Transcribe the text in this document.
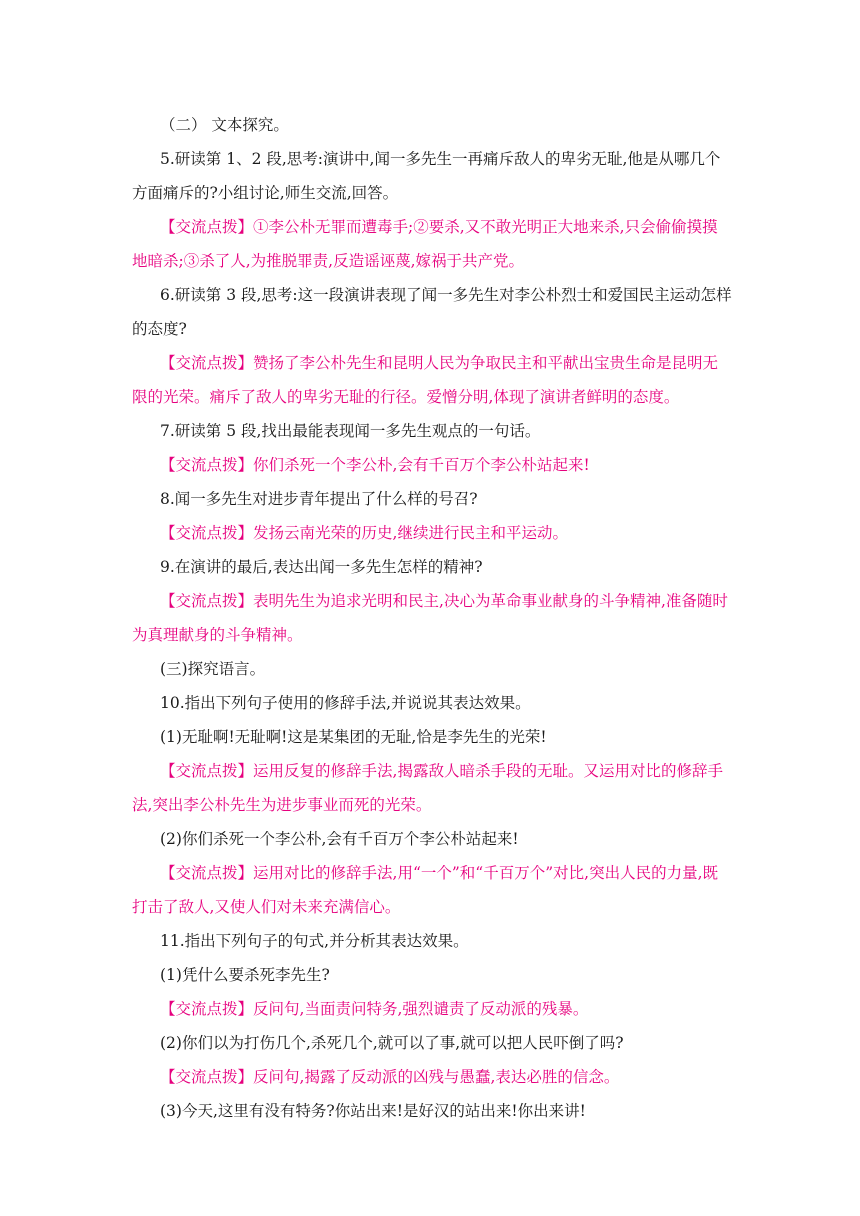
（二） 文本探究。

5.研读第 1、2 段,思考:演讲中,闻一多先生一再痛斥敌人的卑劣无耻,他是从哪几个方面痛斥的?小组讨论,师生交流,回答。

【交流点拨】①李公朴无罪而遭毒手;②要杀,又不敢光明正大地来杀,只会偷偷摸摸地暗杀;③杀了人,为推脱罪责,反造谣诬蔑,嫁祸于共产党。

6.研读第 3 段,思考:这一段演讲表现了闻一多先生对李公朴烈士和爱国民主运动怎样的态度?

【交流点拨】赞扬了李公朴先生和昆明人民为争取民主和平献出宝贵生命是昆明无限的光荣。痛斥了敌人的卑劣无耻的行径。爱憎分明,体现了演讲者鲜明的态度。

7.研读第 5 段,找出最能表现闻一多先生观点的一句话。

【交流点拨】你们杀死一个李公朴,会有千百万个李公朴站起来!

8.闻一多先生对进步青年提出了什么样的号召?

【交流点拨】发扬云南光荣的历史,继续进行民主和平运动。

9.在演讲的最后,表达出闻一多先生怎样的精神?

【交流点拨】表明先生为追求光明和民主,决心为革命事业献身的斗争精神,准备随时为真理献身的斗争精神。

(三)探究语言。

10.指出下列句子使用的修辞手法,并说说其表达效果。

(1)无耻啊!无耻啊!这是某集团的无耻,恰是李先生的光荣!

【交流点拨】运用反复的修辞手法,揭露敌人暗杀手段的无耻。又运用对比的修辞手法,突出李公朴先生为进步事业而死的光荣。

(2)你们杀死一个李公朴,会有千百万个李公朴站起来!

【交流点拨】运用对比的修辞手法,用“一个”和“千百万个”对比,突出人民的力量,既打击了敌人,又使人们对未来充满信心。

11.指出下列句子的句式,并分析其表达效果。

(1)凭什么要杀死李先生?

【交流点拨】反问句,当面责问特务,强烈谴责了反动派的残暴。

(2)你们以为打伤几个,杀死几个,就可以了事,就可以把人民吓倒了吗?

【交流点拨】反问句,揭露了反动派的凶残与愚蠢,表达必胜的信念。

(3)今天,这里有没有特务?你站出来!是好汉的站出来!你出来讲!
